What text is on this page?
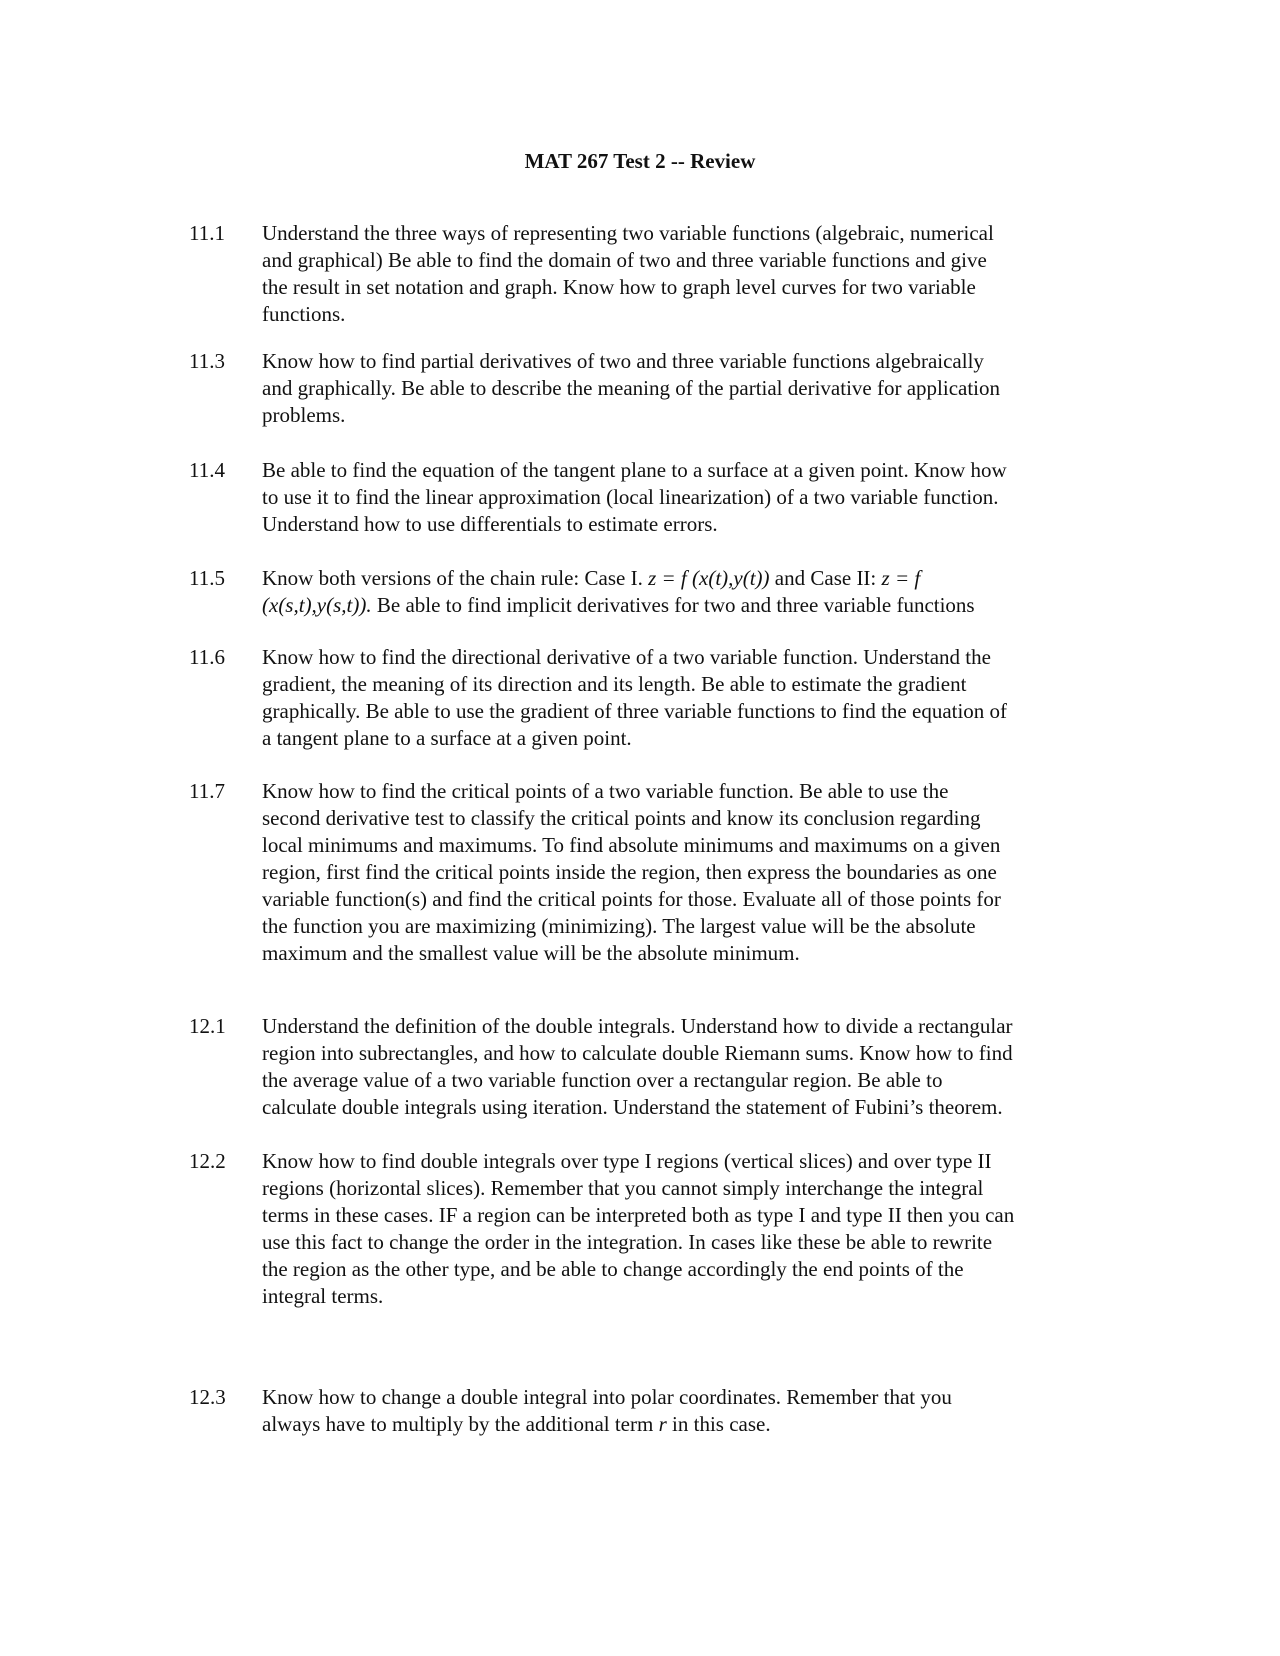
MAT 267 Test 2 -- Review
11.1	Understand the three ways of representing two variable functions (algebraic, numerical
and graphical) Be able to find the domain of two and three variable functions and give
the result in set notation and graph. Know how to graph level curves for two variable
functions.
11.3	Know how to find partial derivatives of two and three variable functions algebraically
and graphically. Be able to describe the meaning of the partial derivative for application
problems.
11.4	Be able to find the equation of the tangent plane to a surface at a given point. Know how
to use it to find the linear approximation (local linearization) of a two variable function.
Understand how to use differentials to estimate errors.
11.5	Know both versions of the chain rule: Case I. z = f (x(t),y(t)) and Case II: z = f
(x(s,t),y(s,t)). Be able to find implicit derivatives for two and three variable functions
11.6	Know how to find the directional derivative of a two variable function. Understand the
gradient, the meaning of its direction and its length. Be able to estimate the gradient
graphically. Be able to use the gradient of three variable functions to find the equation of
a tangent plane to a surface at a given point.
11.7	Know how to find the critical points of a two variable function. Be able to use the
second derivative test to classify the critical points and know its conclusion regarding
local minimums and maximums. To find absolute minimums and maximums on a given
region, first find the critical points inside the region, then express the boundaries as one
variable function(s) and find the critical points for those. Evaluate all of those points for
the function you are maximizing (minimizing). The largest value will be the absolute
maximum and the smallest value will be the absolute minimum.
12.1	Understand the definition of the double integrals. Understand how to divide a rectangular
region into subrectangles, and how to calculate double Riemann sums. Know how to find
the average value of a two variable function over a rectangular region. Be able to
calculate double integrals using iteration. Understand the statement of Fubini’s theorem.
12.2	Know how to find double integrals over type I regions (vertical slices) and over type II
regions (horizontal slices). Remember that you cannot simply interchange the integral
terms in these cases. IF a region can be interpreted both as type I and type II then you can
use this fact to change the order in the integration. In cases like these be able to rewrite
the region as the other type, and be able to change accordingly the end points of the
integral terms.
12.3	Know how to change a double integral into polar coordinates. Remember that you
always have to multiply by the additional term r in this case.
